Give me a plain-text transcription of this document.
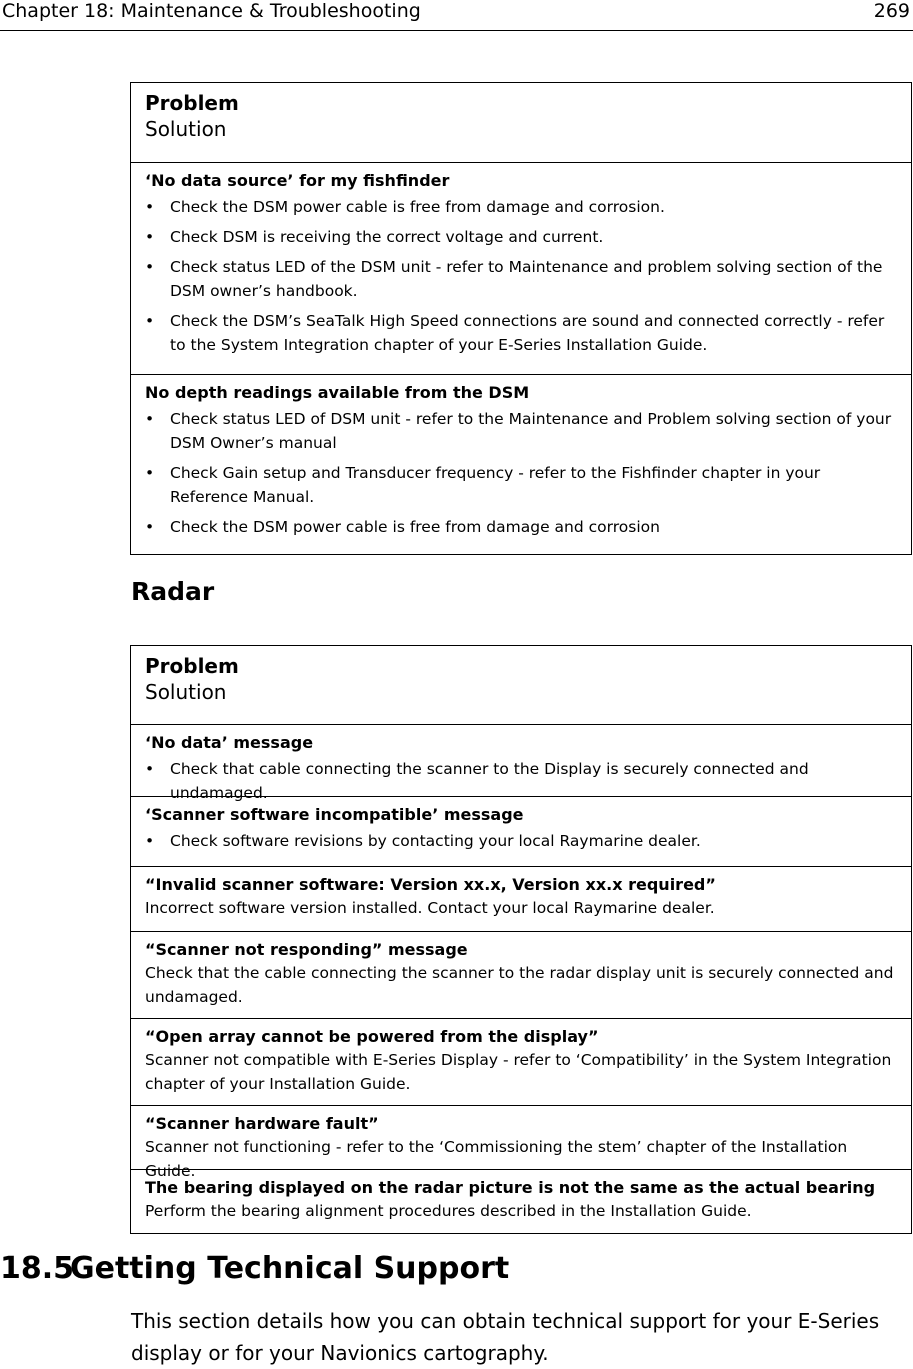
Chapter 18: Maintenance & Troubleshooting	269
Problem
Solution
‘No data source’ for my fishfinder
• Check the DSM power cable is free from damage and corrosion.
• Check DSM is receiving the correct voltage and current.
• Check status LED of the DSM unit - refer to Maintenance and problem solving section of the DSM owner’s handbook.
• Check the DSM’s SeaTalk High Speed connections are sound and connected correctly - refer to the System Integration chapter of your E-Series Installation Guide.
No depth readings available from the DSM
• Check status LED of DSM unit - refer to the Maintenance and Problem solving section of your DSM Owner’s manual
• Check Gain setup and Transducer frequency - refer to the Fishfinder chapter in your Reference Manual.
• Check the DSM power cable is free from damage and corrosion
Radar
Problem
Solution
‘No data’ message
• Check that cable connecting the scanner to the Display is securely connected and undamaged.
‘Scanner software incompatible’ message
• Check software revisions by contacting your local Raymarine dealer.
“Invalid scanner software: Version xx.x, Version xx.x required”
Incorrect software version installed. Contact your local Raymarine dealer.
“Scanner not responding” message
Check that the cable connecting the scanner to the radar display unit is securely connected and undamaged.
“Open array cannot be powered from the display”
Scanner not compatible with E-Series Display - refer to ‘Compatibility’ in the System Integration chapter of your Installation Guide.
“Scanner hardware fault”
Scanner not functioning - refer to the ‘Commissioning the stem’ chapter of the Installation Guide.
The bearing displayed on the radar picture is not the same as the actual bearing
Perform the bearing alignment procedures described in the Installation Guide.
18.5Getting Technical Support
This section details how you can obtain technical support for your E-Series display or for your Navionics cartography.
